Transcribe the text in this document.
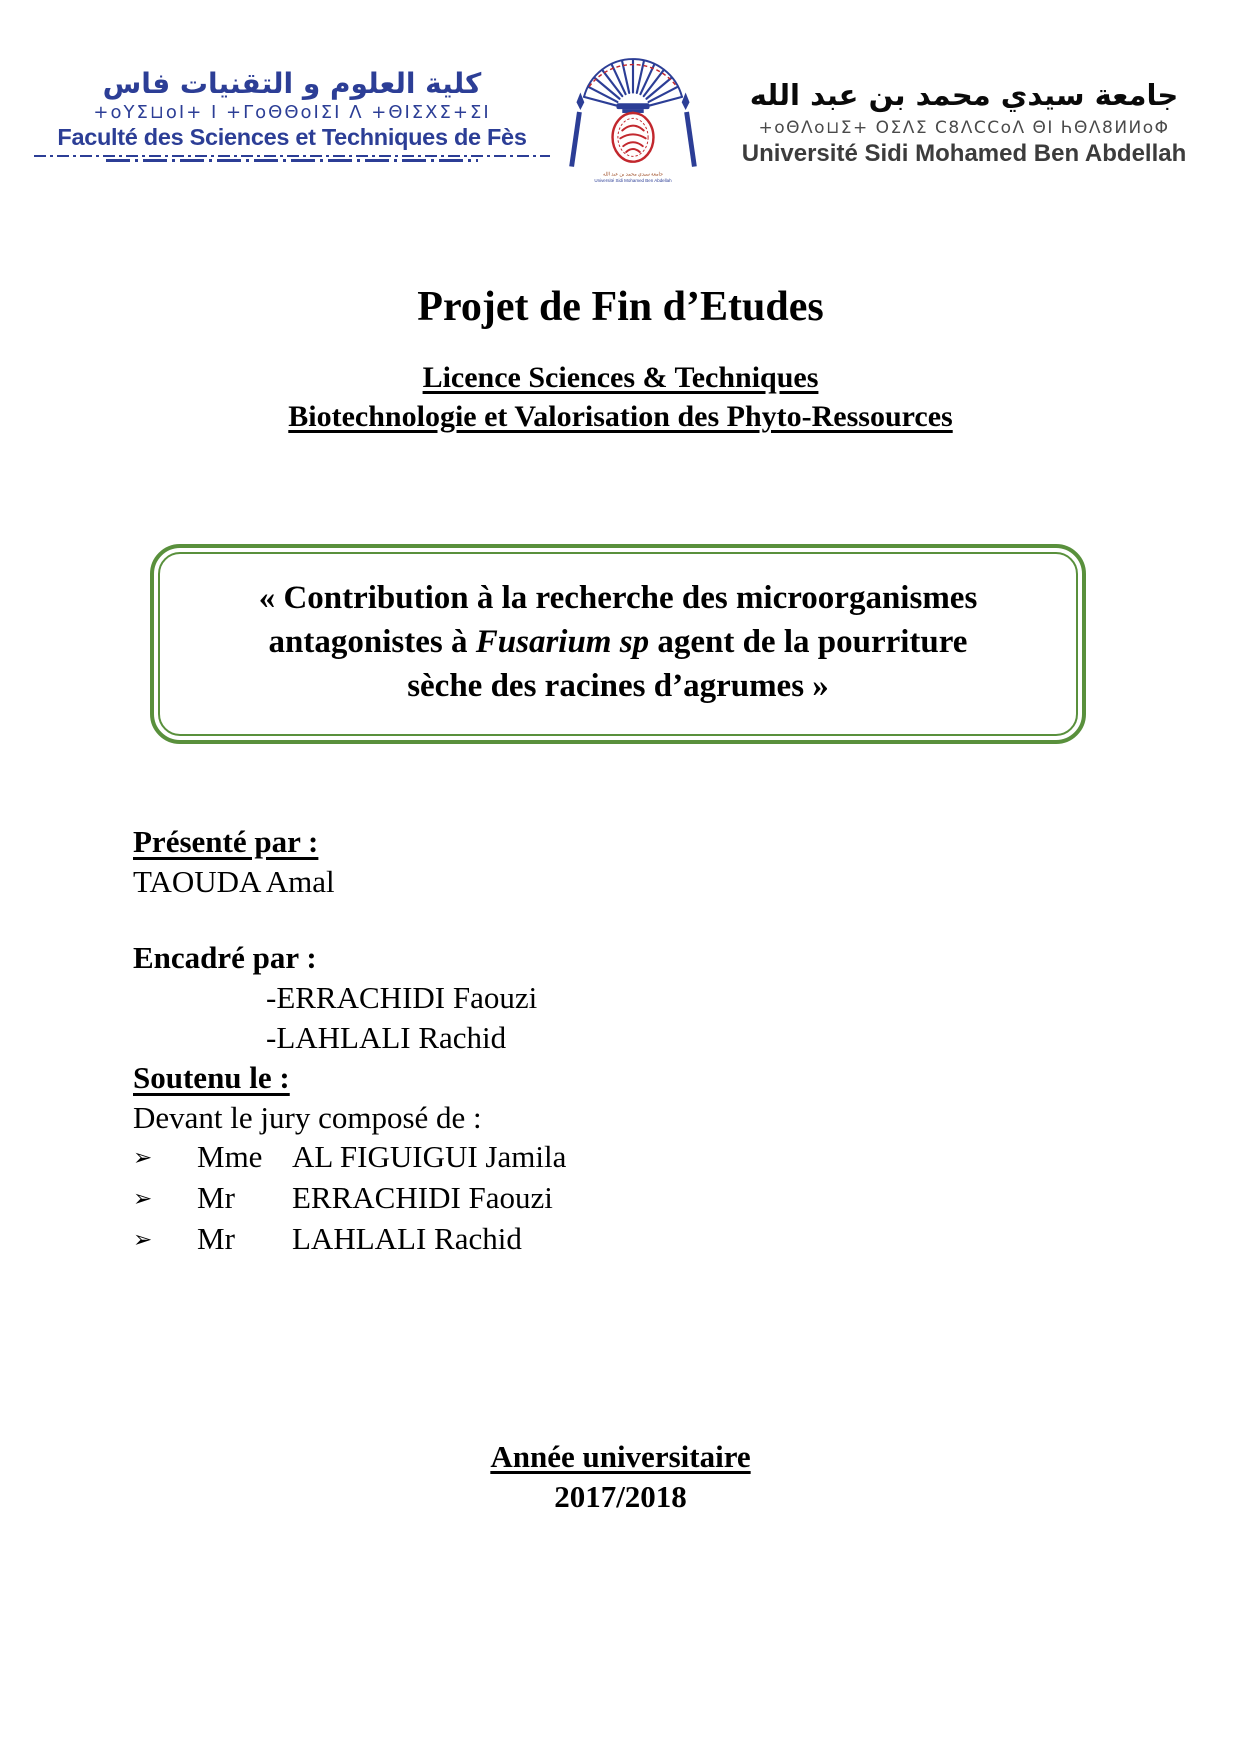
كلية العلوم و التقنيات فاس
+oYΣ⊔oI+ I +ΓoΘΘoIΣI Λ +ΘIΣXΣ+ΣI
Faculté des Sciences et Techniques de Fès
جامعة سيدي محمد بن عبد الله
Université Sidi Mohamed Ben Abdellah
جامعة سيدي محمد بن عبد الله
+oΘΛo⊔Σ+ ΟΣΛΣ C8ΛCCoΛ ΘI ҺΘΛ8ИИoΦ
Université Sidi Mohamed Ben Abdellah
Projet de Fin d’Etudes
Licence Sciences & Techniques
Biotechnologie et Valorisation des Phyto-Ressources
« Contribution à la recherche des microorganismes
antagonistes à Fusarium sp agent de la pourriture
sèche des racines d’agrumes »
Présenté par :
TAOUDA Amal
Encadré par :
-ERRACHIDI Faouzi
-LAHLALI Rachid
Soutenu le :
Devant le jury composé de :
➢ Mme AL FIGUIGUI Jamila
➢ Mr ERRACHIDI Faouzi
➢ Mr LAHLALI Rachid
Année universitaire
2017/2018
